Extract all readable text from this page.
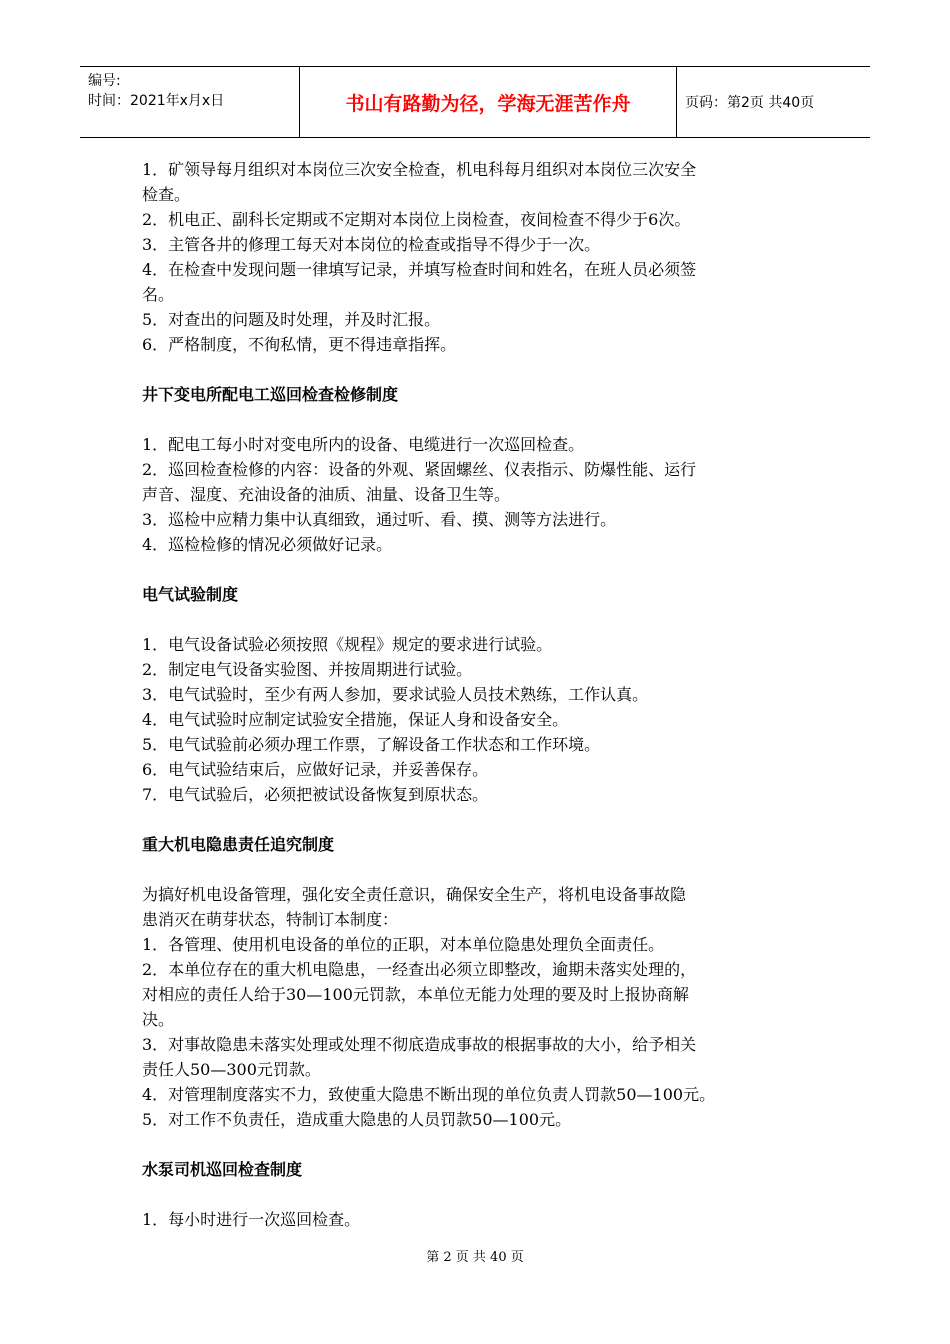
编号:
时间：2021年x月x日	书山有路勤为径，学海无涯苦作舟	页码：第2页 共40页
1．矿领导每月组织对本岗位三次安全检查，机电科每月组织对本岗位三次安全
检查。
2．机电正、副科长定期或不定期对本岗位上岗检查，夜间检查不得少于6次。
3．主管各井的修理工每天对本岗位的检查或指导不得少于一次。
4．在检查中发现问题一律填写记录，并填写检查时间和姓名，在班人员必须签
名。
5．对查出的问题及时处理，并及时汇报。
6．严格制度，不徇私情，更不得违章指挥。
井下变电所配电工巡回检查检修制度
1．配电工每小时对变电所内的设备、电缆进行一次巡回检查。
2．巡回检查检修的内容：设备的外观、紧固螺丝、仪表指示、防爆性能、运行
声音、湿度、充油设备的油质、油量、设备卫生等。
3．巡检中应精力集中认真细致，通过听、看、摸、测等方法进行。
4．巡检检修的情况必须做好记录。
电气试验制度
1．电气设备试验必须按照《规程》规定的要求进行试验。
2．制定电气设备实验图、并按周期进行试验。
3．电气试验时，至少有两人参加，要求试验人员技术熟练，工作认真。
4．电气试验时应制定试验安全措施，保证人身和设备安全。
5．电气试验前必须办理工作票，了解设备工作状态和工作环境。
6．电气试验结束后，应做好记录，并妥善保存。
7．电气试验后，必须把被试设备恢复到原状态。
重大机电隐患责任追究制度
为搞好机电设备管理，强化安全责任意识，确保安全生产，将机电设备事故隐
患消灭在萌芽状态，特制订本制度：
1．各管理、使用机电设备的单位的正职，对本单位隐患处理负全面责任。
2．本单位存在的重大机电隐患，一经查出必须立即整改，逾期未落实处理的，
对相应的责任人给于30—100元罚款，本单位无能力处理的要及时上报协商解
决。
3．对事故隐患未落实处理或处理不彻底造成事故的根据事故的大小，给予相关
责任人50—300元罚款。
4．对管理制度落实不力，致使重大隐患不断出现的单位负责人罚款50—100元。
5．对工作不负责任，造成重大隐患的人员罚款50—100元。
水泵司机巡回检查制度
1．每小时进行一次巡回检查。
第 2 页 共 40 页
